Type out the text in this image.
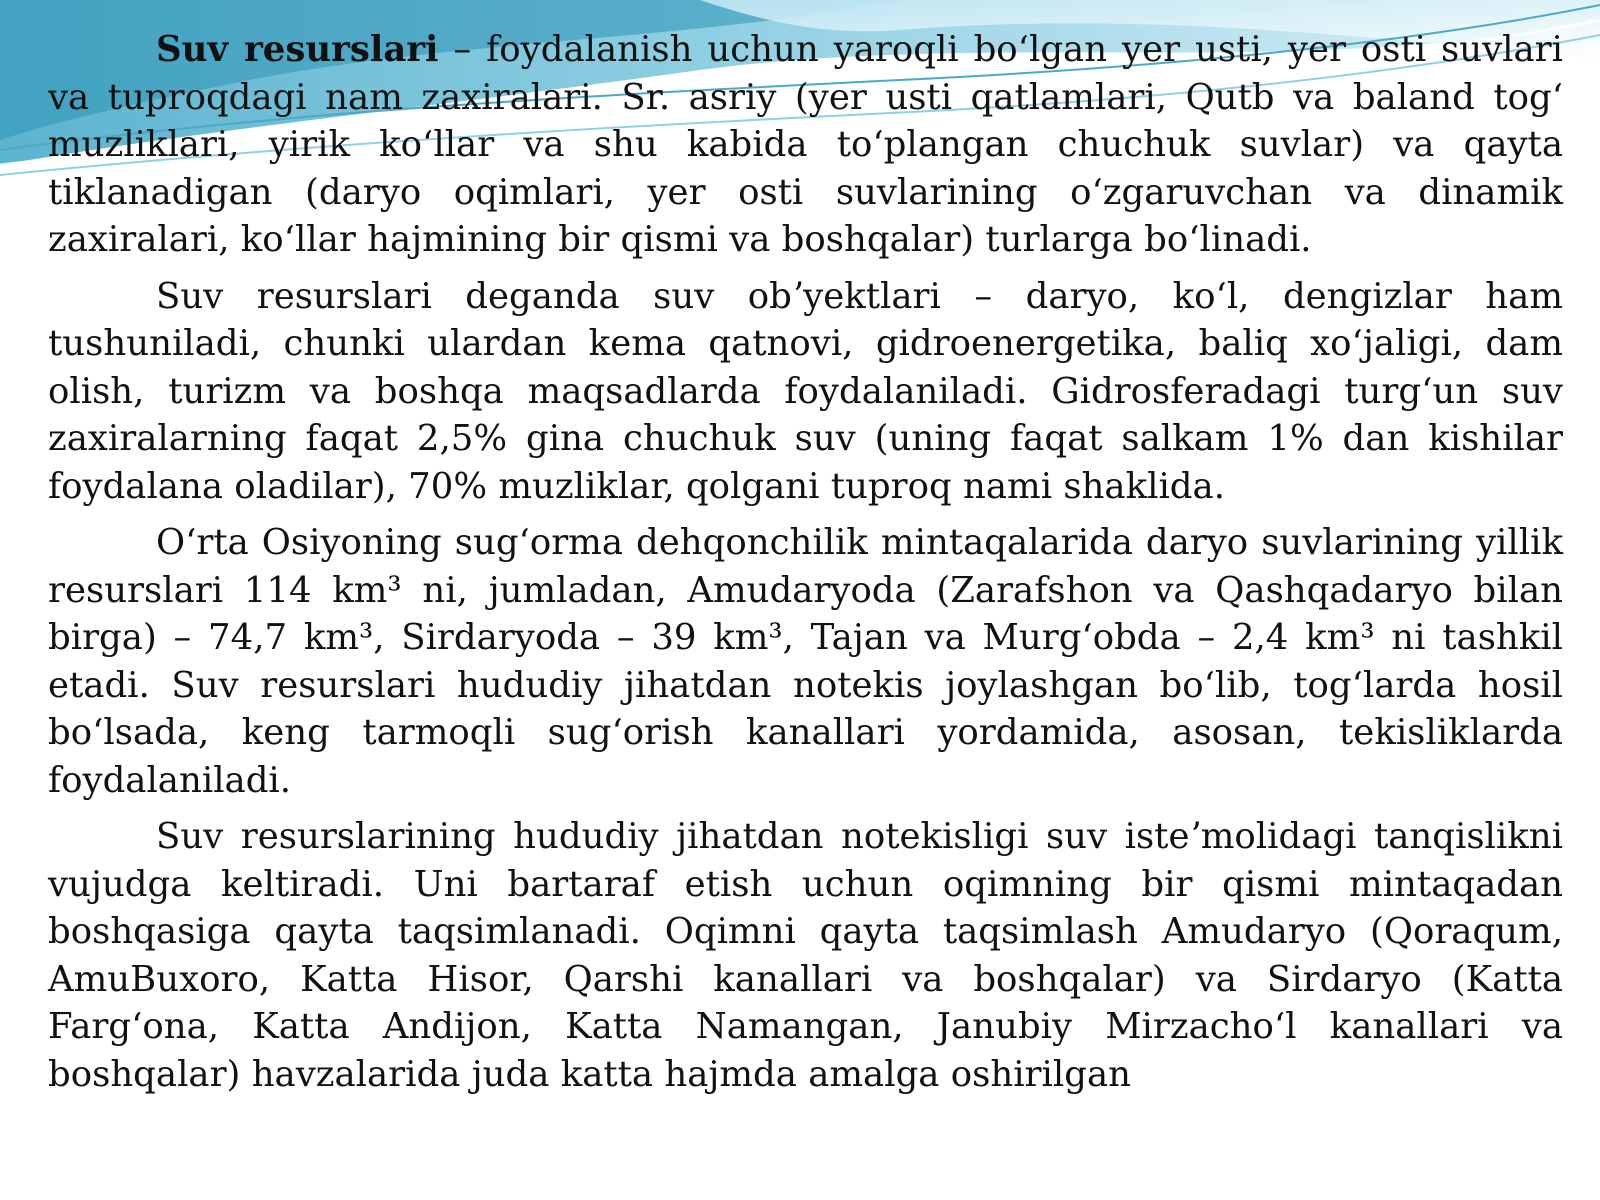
Suv resurslari – foydalanish uchun yaroqli boʻlgan yer usti, yer osti suvlari va tuproqdagi nam zaxiralari. Sr. asriy (yer usti qatlamlari, Qutb va baland togʻ muzliklari, yirik koʻllar va shu kabida toʻplangan chuchuk suvlar) va qayta tiklanadigan (daryo oqimlari, yer osti suvlarining oʻzgaruvchan va dinamik zaxiralari, koʻllar hajmining bir qismi va boshqalar) turlarga boʻlinadi.

Suv resurslari deganda suv obʼyektlari – daryo, koʻl, dengizlar ham tushuniladi, chunki ulardan kema qatnovi, gidroenergetika, baliq xoʻjaligi, dam olish, turizm va boshqa maqsadlarda foydalaniladi. Gidrosferadagi turgʻun suv zaxiralarning faqat 2,5% gina chuchuk suv (uning faqat salkam 1% dan kishilar foydalana oladilar), 70% muzliklar, qolgani tuproq nami shaklida.

Oʻrta Osiyoning sugʻorma dehqonchilik mintaqalarida daryo suvlarining yillik resurslari 114 km³ ni, jumladan, Amudaryoda (Zarafshon va Qashqadaryo bilan birga) – 74,7 km³, Sirdaryoda – 39 km³, Tajan va Murgʻobda – 2,4 km³ ni tashkil etadi. Suv resurslari hududiy jihatdan notekis joylashgan boʻlib, togʻlarda hosil boʻlsada, keng tarmoqli sugʻorish kanallari yordamida, asosan, tekisliklarda foydalaniladi.

Suv resurslarining hududiy jihatdan notekisligi suv isteʼmolidagi tanqislikni vujudga keltiradi. Uni bartaraf etish uchun oqimning bir qismi mintaqadan boshqasiga qayta taqsimlanadi. Oqimni qayta taqsimlash Amudaryo (Qoraqum, AmuBuxoro, Katta Hisor, Qarshi kanallari va boshqalar) va Sirdaryo (Katta Fargʻona, Katta Andijon, Katta Namangan, Janubiy Mirzachoʻl kanallari va boshqalar) havzalarida juda katta hajmda amalga oshirilgan
